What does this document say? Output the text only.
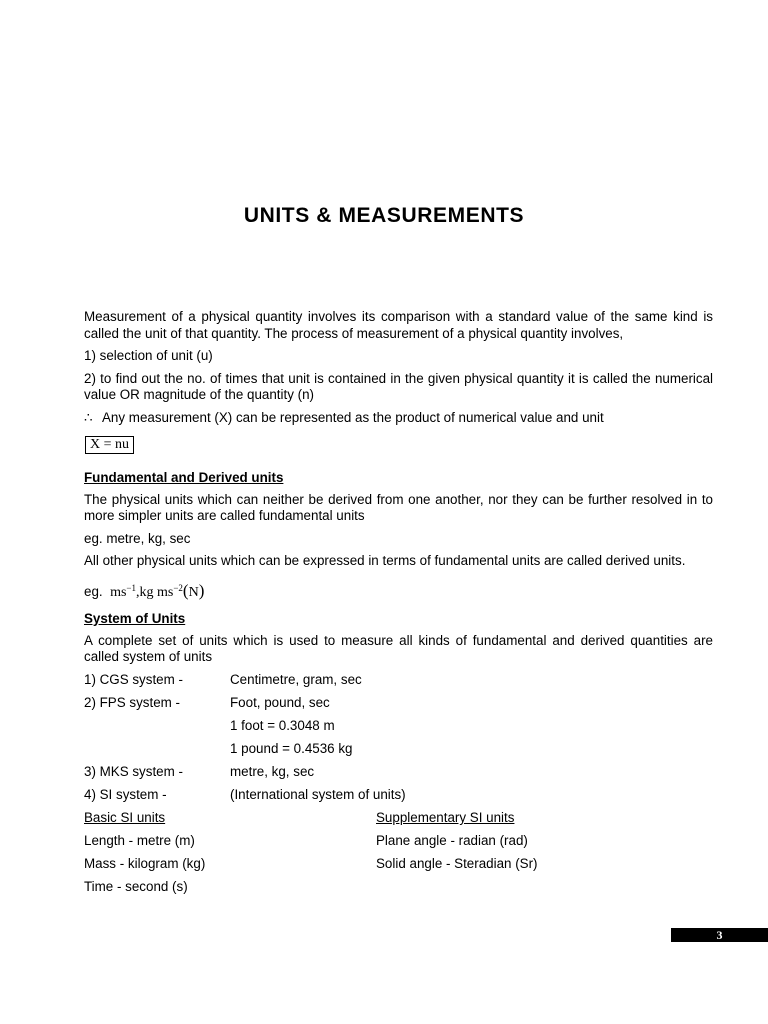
UNITS & MEASUREMENTS

Measurement of a physical quantity involves its comparison with a standard value of the same kind is called the unit of that quantity. The process of measurement of a physical quantity involves,

1) selection of unit (u)

2) to find out the no. of times that unit is contained in the given physical quantity it is called the numerical value OR magnitude of the quantity (n)

∴ Any measurement (X) can be represented as the product of numerical value and unit

X = nu

Fundamental and Derived units

The physical units which can neither be derived from one another, nor they can be further resolved in to more simpler units are called fundamental units

eg. metre, kg, sec

All other physical units which can be expressed in terms of fundamental units are called derived units.

eg. $ms^{-1},kg$ $ms^{-2}(N)$

System of Units

A complete set of units which is used to measure all kinds of fundamental and derived quantities are called system of units

1) CGS system -	Centimetre, gram, sec
2) FPS system -	Foot, pound, sec
1 foot = 0.3048 m
1 pound = 0.4536 kg
3) MKS system -	metre, kg, sec
4) SI system -	(International system of units)
Basic SI units	Supplementary SI units
Length - metre (m)	Plane angle - radian (rad)
Mass - kilogram (kg)	Solid angle - Steradian (Sr)
Time - second (s)
3
